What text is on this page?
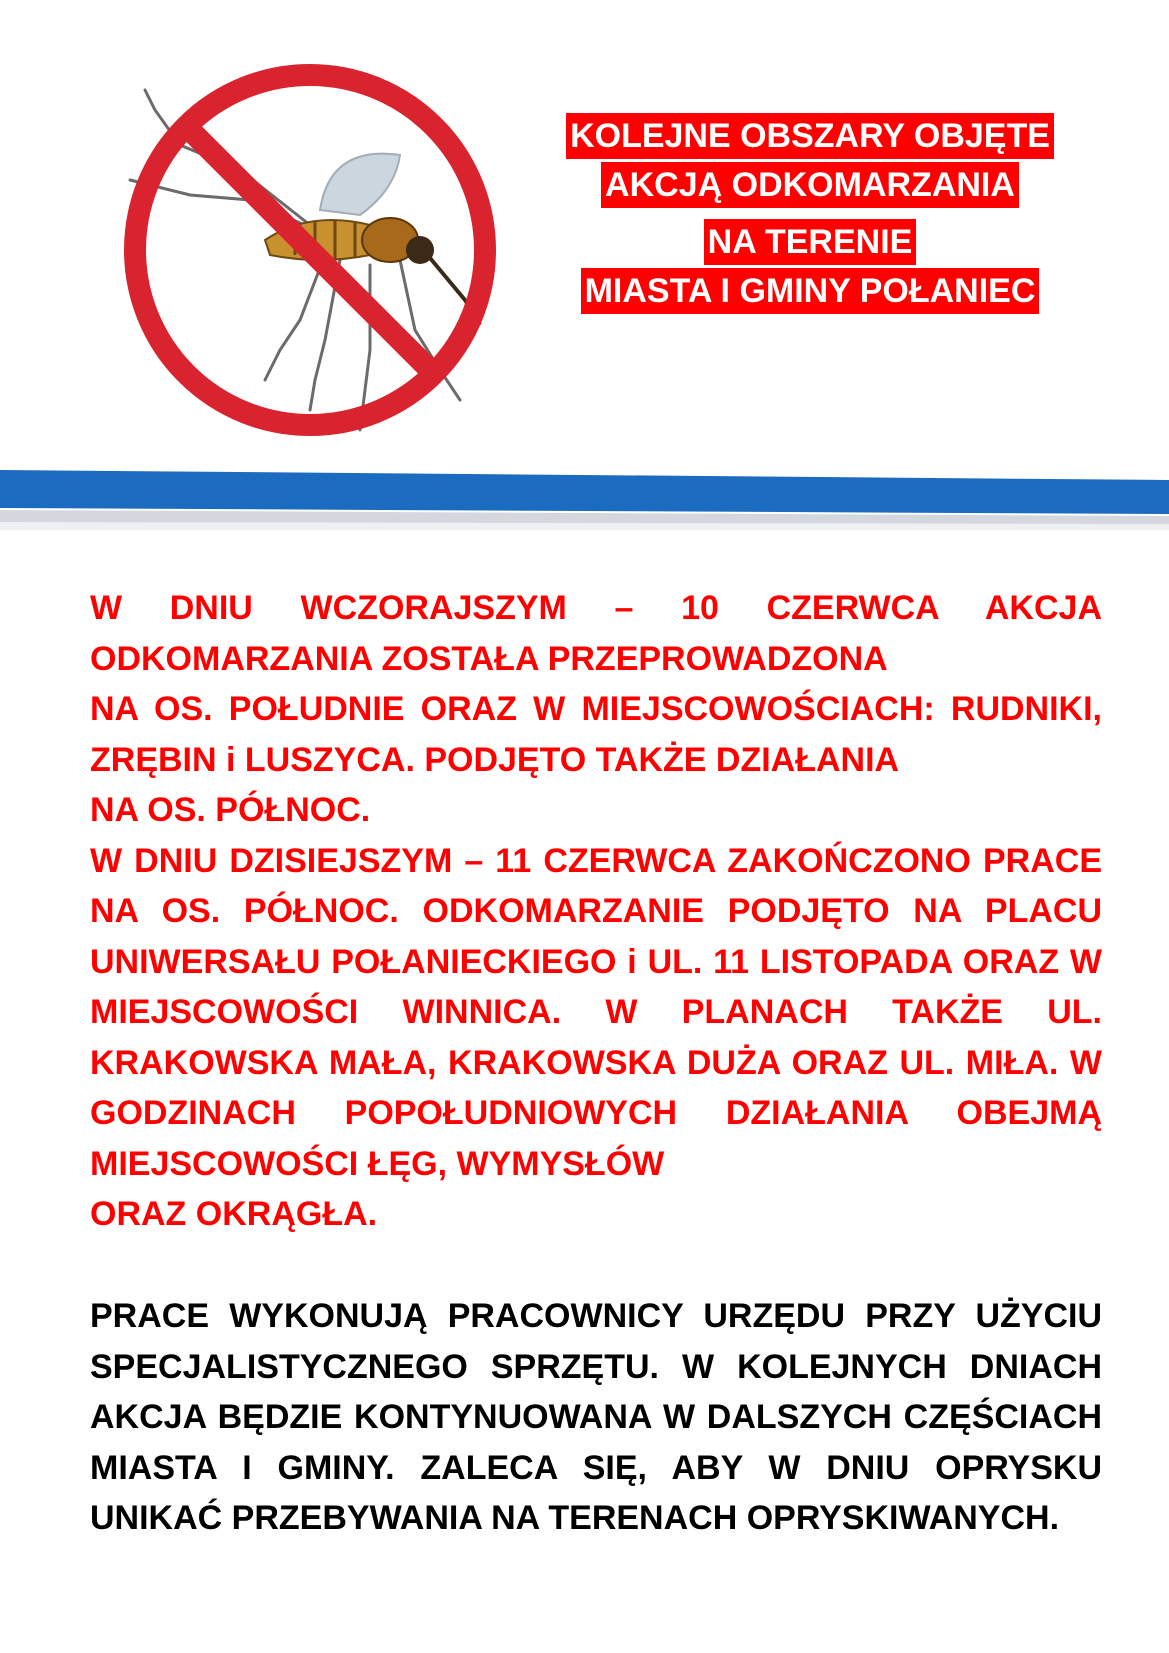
KOLEJNE OBSZARY OBJĘTE
AKCJĄ ODKOMARZANIA
NA TERENIE
MIASTA I GMINY POŁANIEC

W DNIU WCZORAJSZYM – 10 CZERWCA AKCJA ODKOMARZANIA ZOSTAŁA PRZEPROWADZONA
NA OS. POŁUDNIE ORAZ W MIEJSCOWOŚCIACH: RUDNIKI, ZRĘBIN i LUSZYCA. PODJĘTO TAKŻE DZIAŁANIA
NA OS. PÓŁNOC.
W DNIU DZISIEJSZYM – 11 CZERWCA ZAKOŃCZONO PRACE NA OS. PÓŁNOC. ODKOMARZANIE PODJĘTO NA PLACU UNIWERSAŁU POŁANIECKIEGO i UL. 11 LISTOPADA ORAZ W MIEJSCOWOŚCI WINNICA. W PLANACH TAKŻE UL. KRAKOWSKA MAŁA, KRAKOWSKA DUŻA ORAZ UL. MIŁA. W GODZINACH POPOŁUDNIOWYCH DZIAŁANIA OBEJMĄ MIEJSCOWOŚCI ŁĘG, WYMYSŁÓW
ORAZ OKRĄGŁA.

PRACE WYKONUJĄ PRACOWNICY URZĘDU PRZY UŻYCIU SPECJALISTYCZNEGO SPRZĘTU. W KOLEJNYCH DNIACH AKCJA BĘDZIE KONTYNUOWANA W DALSZYCH CZĘŚCIACH MIASTA I GMINY. ZALECA SIĘ, ABY W DNIU OPRYSKU UNIKAĆ PRZEBYWANIA NA TERENACH OPRYSKIWANYCH.
